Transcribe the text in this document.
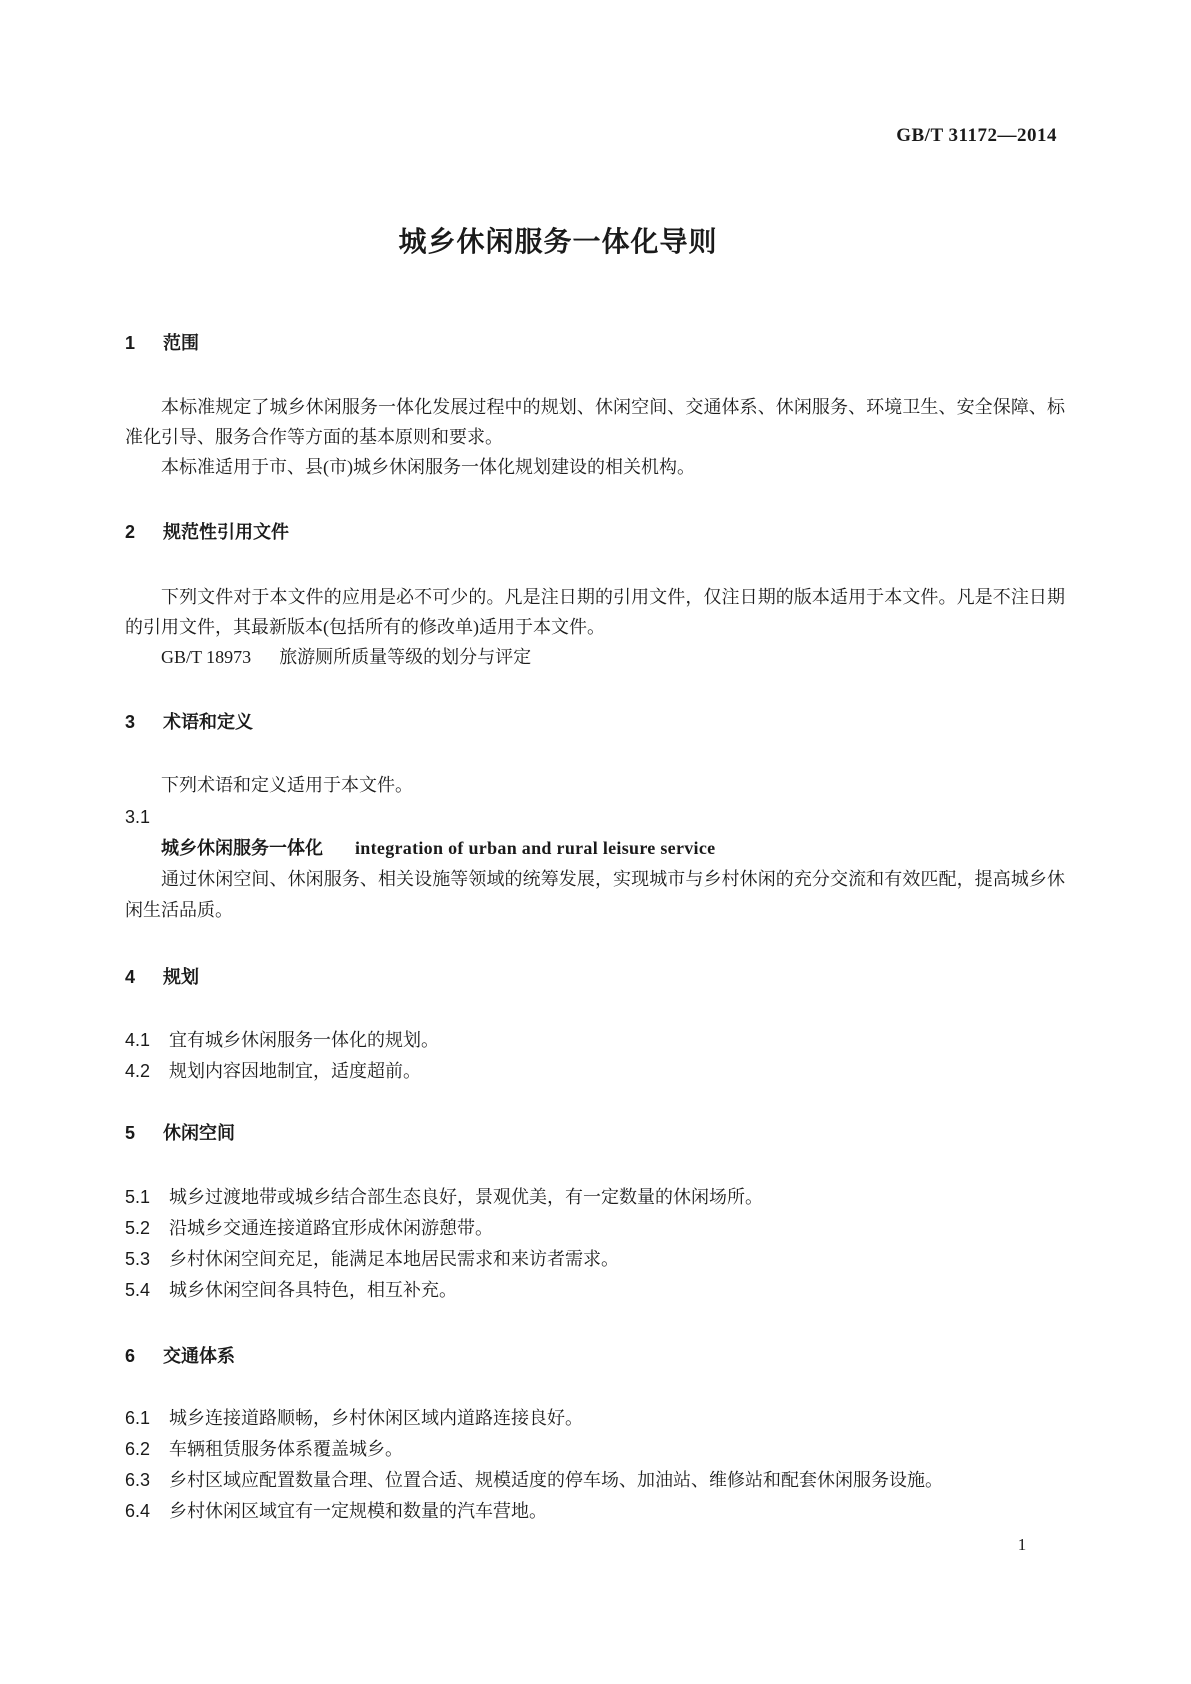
GB/T 31172—2014
城乡休闲服务一体化导则
1 范围

本标准规定了城乡休闲服务一体化发展过程中的规划、休闲空间、交通体系、休闲服务、环境卫生、安全保障、标准化引导、服务合作等方面的基本原则和要求。

本标准适用于市、县(市)城乡休闲服务一体化规划建设的相关机构。

2 规范性引用文件

下列文件对于本文件的应用是必不可少的。凡是注日期的引用文件，仅注日期的版本适用于本文件。凡是不注日期的引用文件，其最新版本(包括所有的修改单)适用于本文件。

GB/T 18973 旅游厕所质量等级的划分与评定

3 术语和定义

下列术语和定义适用于本文件。

3.1

城乡休闲服务一体化 integration of urban and rural leisure service

通过休闲空间、休闲服务、相关设施等领域的统筹发展，实现城市与乡村休闲的充分交流和有效匹配，提高城乡休闲生活品质。

4 规划
4.1	宜有城乡休闲服务一体化的规划。
4.2	规划内容因地制宜，适度超前。
5 休闲空间
5.1	城乡过渡地带或城乡结合部生态良好，景观优美，有一定数量的休闲场所。
5.2	沿城乡交通连接道路宜形成休闲游憩带。
5.3	乡村休闲空间充足，能满足本地居民需求和来访者需求。
5.4	城乡休闲空间各具特色，相互补充。
6 交通体系
6.1	城乡连接道路顺畅，乡村休闲区域内道路连接良好。
6.2	车辆租赁服务体系覆盖城乡。
6.3	乡村区域应配置数量合理、位置合适、规模适度的停车场、加油站、维修站和配套休闲服务设施。
6.4	乡村休闲区域宜有一定规模和数量的汽车营地。
1
